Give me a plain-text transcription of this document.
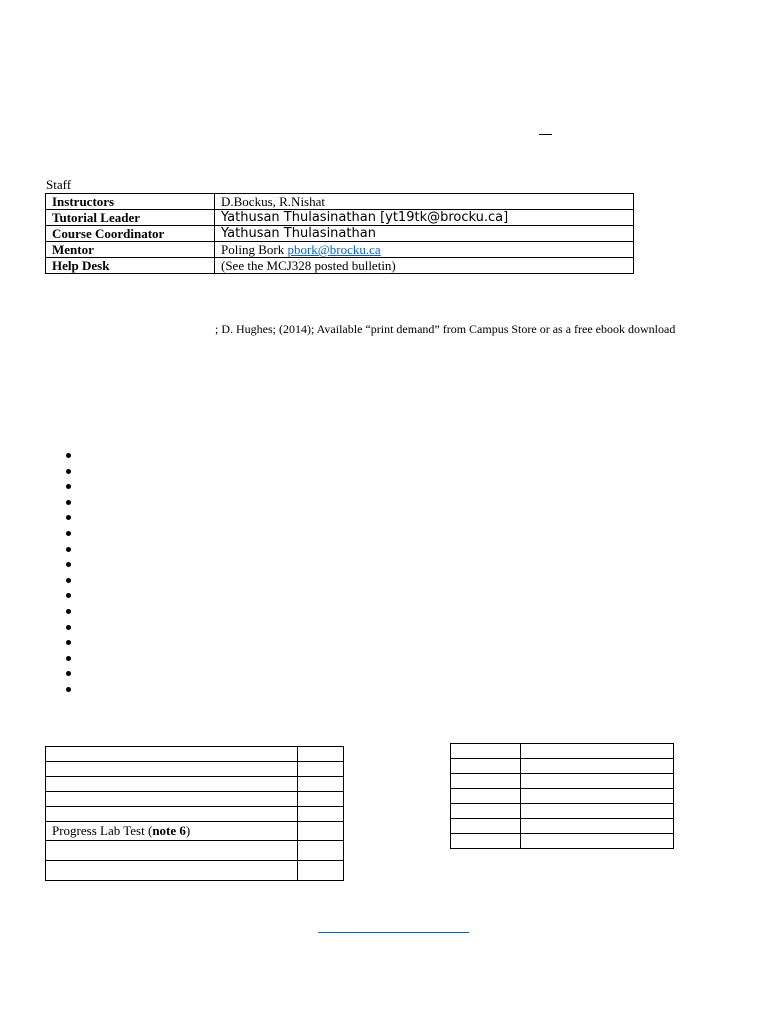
Staff
Instructors	D.Bockus, R.Nishat
Tutorial Leader	Yathusan Thulasinathan [yt19tk@brocku.ca]
Course Coordinator	Yathusan Thulasinathan
Mentor	Poling Bork pbork@brocku.ca
Help Desk	(See the MCJ328 posted bulletin)
; D. Hughes; (2014); Available “print demand” from Campus Store or as a free ebook download

Progress Lab Test (note 6)	
